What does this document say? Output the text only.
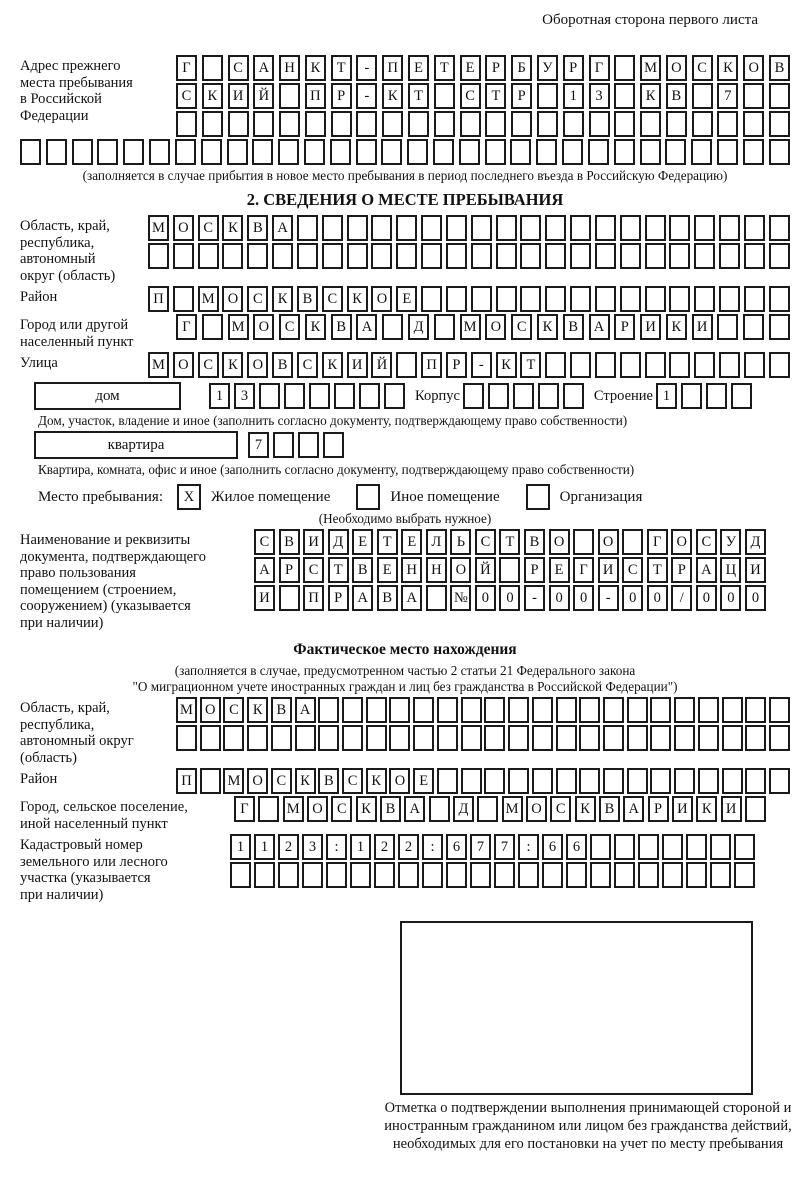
Оборотная сторона первого листа
Адрес прежнего
места пребывания
в Российской
Федерации
Г	С	А	Н	К	Т	-	П	Е	Т	Е	Р	Б	У	Р	Г	М О	С	К	О	В
С	К	И	Й	П	Р	-	К	Т	С	Т	Р	1	3	К	В	7
(заполняется в случае прибытия в новое место пребывания в период последнего въезда в Российскую Федерацию)
2. СВЕДЕНИЯ О МЕСТЕ ПРЕБЫВАНИЯ
Область, край,
республика,
автономный
округ (область)
М О	С	К	В	А
Район	П	М О	С	К	В	С	К	О	Е
Город или другой
населенный пункт
Г	М О	С	К	В	А	Д	М О	С	К	В	А	Р	И	К	И
Улица	М О	С	К	О	В	С	К	И Й	П	Р	-	К	Т
дом	1	3	Корпус	Строение 1
Дом, участок, владение и иное (заполнить согласно документу, подтверждающему право собственности)
квартира	7
Квартира, комната, офис и иное (заполнить согласно документу, подтверждающему право собственности)
Место пребывания:	X	Жилое помещение	Иное помещение	Организация
(Необходимо выбрать нужное)
Наименование и реквизиты
документа, подтверждающего
право пользования
помещением (строением,
сооружением) (указывается
при наличии)
С	В И Д	Е	Т	Е	Л	Ь	С	Т	В О	О	Г	О С	У Д
А	Р	С	Т	В	Е	Н Н О Й	Р	Е	Г	И С	Т	Р	А Ц И
И	П	Р	А В А	№ 0	0	-	0	0	-	0	0	/	0	0	0
Фактическое место нахождения
(заполняется в случае, предусмотренном частью 2 статьи 21 Федерального закона
"О миграционном учете иностранных граждан и лиц без гражданства в Российской Федерации")
Область, край,
республика,
автономный округ
(область)
М О С К В А
Район	П	М О С К В С К О Е
Город, сельское поселение,
иной населенный пункт
Г	М О С	К	В А	Д	М О С	К	В А	Р	И К И
Кадастровый номер
земельного или лесного
участка (указывается
при наличии)
1	1	2	3	:	1	2	2	:	6	7	7	:	6	6
Отметка о подтверждении выполнения принимающей стороной и иностранным гражданином или лицом без гражданства действий, необходимых для его постановки на учет по месту пребывания
